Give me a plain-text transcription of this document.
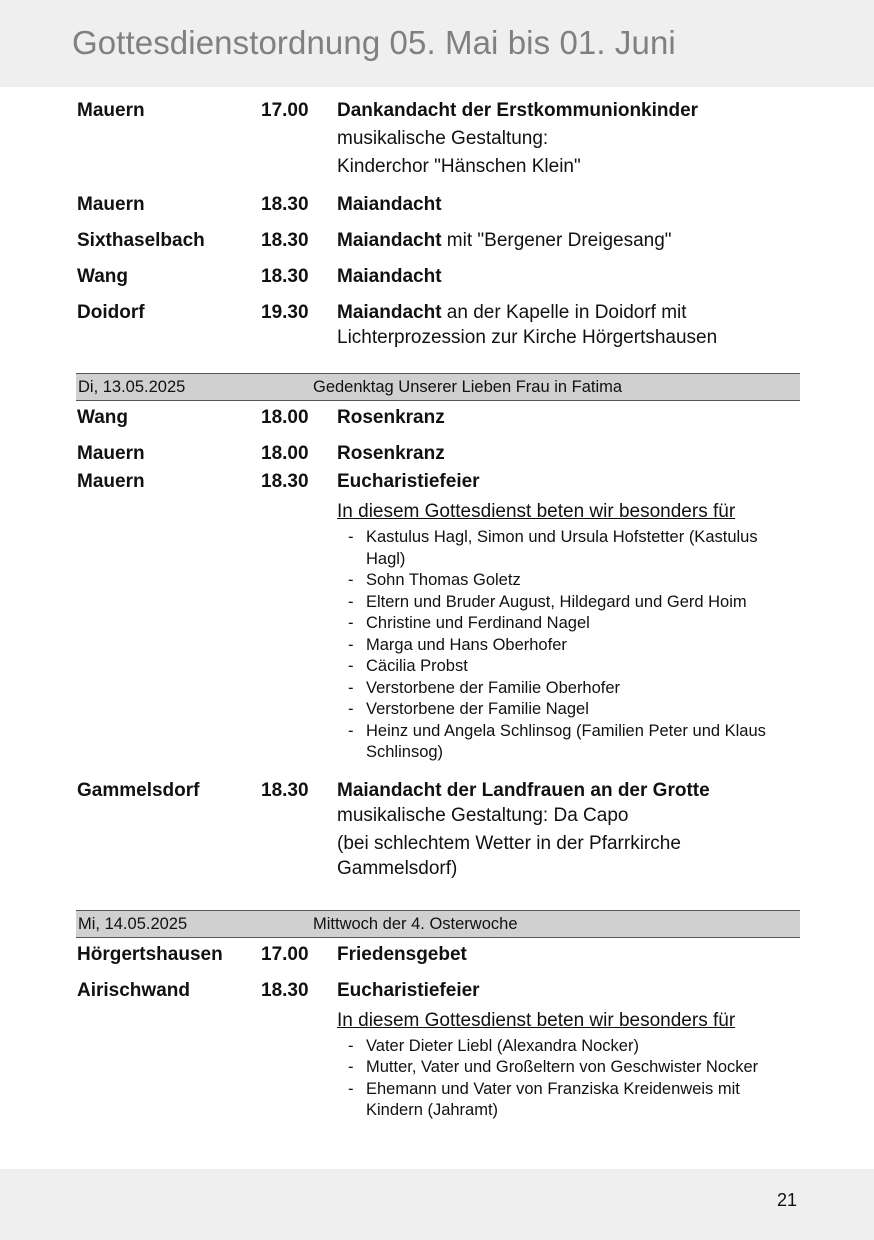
Gottesdienstordnung 05. Mai bis 01. Juni
Mauern	17.00 Dankandacht der Erstkommunionkinder
musikalische Gestaltung:
Kinderchor "Hänschen Klein"
Mauern	18.30 Maiandacht
Sixthaselbach	18.30 Maiandacht mit "Bergener Dreigesang"
Wang	18.30 Maiandacht
Doidorf	19.30 Maiandacht an der Kapelle in Doidorf mit
Lichterprozession zur Kirche Hörgertshausen
Di, 13.05.2025	Gedenktag Unserer Lieben Frau in Fatima
Wang	18.00 Rosenkranz
Mauern	18.00 Rosenkranz
Mauern	18.30 Eucharistiefeier
In diesem Gottesdienst beten wir besonders für
- Kastulus Hagl, Simon und Ursula Hofstetter (Kastulus Hagl)
- Sohn Thomas Goletz
- Eltern und Bruder August, Hildegard und Gerd Hoim
- Christine und Ferdinand Nagel
- Marga und Hans Oberhofer
- Cäcilia Probst
- Verstorbene der Familie Oberhofer
- Verstorbene der Familie Nagel
- Heinz und Angela Schlinsog (Familien Peter und Klaus Schlinsog)
Gammelsdorf	18.30 Maiandacht der Landfrauen an der Grotte
musikalische Gestaltung: Da Capo
(bei schlechtem Wetter in der Pfarrkirche Gammelsdorf)
Mi, 14.05.2025	Mittwoch der 4. Osterwoche
Hörgertshausen 17.00 Friedensgebet
Airischwand	18.30 Eucharistiefeier
In diesem Gottesdienst beten wir besonders für
- Vater Dieter Liebl (Alexandra Nocker)
- Mutter, Vater und Großeltern von Geschwister Nocker
- Ehemann und Vater von Franziska Kreidenweis mit Kindern (Jahramt)
21
